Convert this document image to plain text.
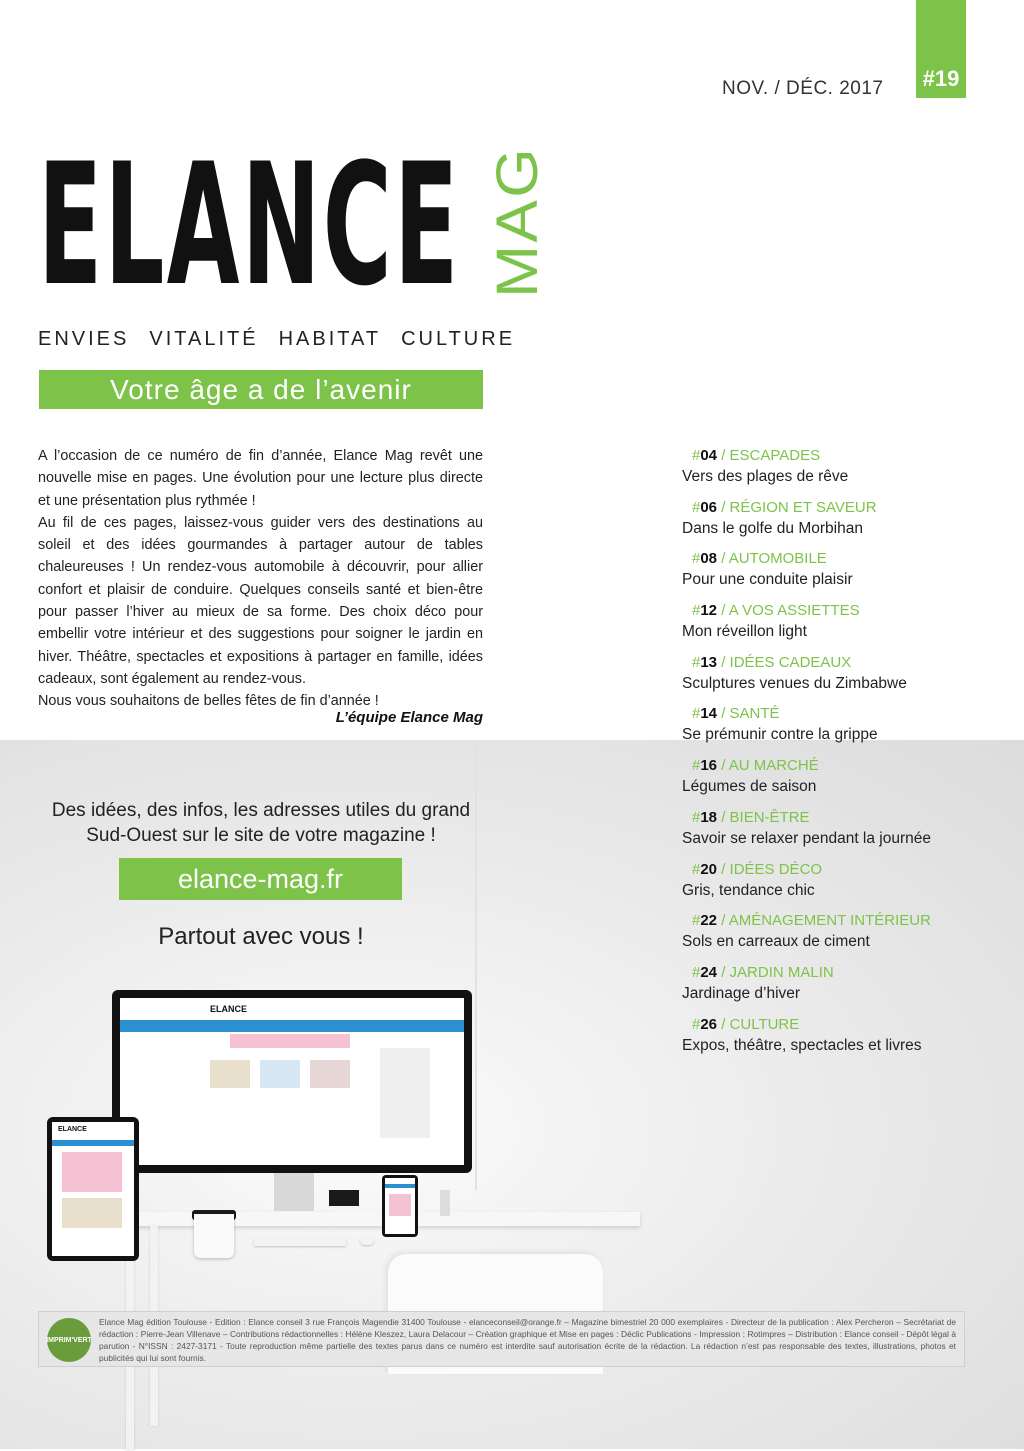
#19
NOV. / DÉC. 2017
ELANCE MAG
ENVIES VITALITÉ HABITAT CULTURE
Votre âge a de l’avenir

A l’occasion de ce numéro de fin d’année, Elance Mag revêt une nouvelle mise en pages. Une évolution pour une lecture plus directe et une présentation plus rythmée !

Au fil de ces pages, laissez-vous guider vers des destinations au soleil et des idées gourmandes à partager autour de tables chaleureuses ! Un rendez-vous automobile à découvrir, pour allier confort et plaisir de conduire. Quelques conseils santé et bien-être pour passer l’hiver au mieux de sa forme. Des choix déco pour embellir votre intérieur et des suggestions pour soigner le jardin en hiver. Théâtre, spectacles et expositions à partager en famille, idées cadeaux, sont également au rendez-vous.

Nous vous souhaitons de belles fêtes de fin d’année !

L’équipe Elance Mag
Des idées, des infos, les adresses utiles du grand Sud-Ouest sur le site de votre magazine !
elance-mag.fr
Partout avec vous !
ELANCE
ELANCE
#04 / ESCAPADES
Vers des plages de rêve
#06 / RÉGION ET SAVEUR
Dans le golfe du Morbihan
#08 / AUTOMOBILE
Pour une conduite plaisir
#12 / A VOS ASSIETTES
Mon réveillon light
#13 / IDÉES CADEAUX
Sculptures venues du Zimbabwe
#14 / SANTÉ
Se prémunir contre la grippe
#16 / AU MARCHÉ
Légumes de saison
#18 / BIEN-ÊTRE
Savoir se relaxer pendant la journée
#20 / IDÉES DÉCO
Gris, tendance chic
#22 / AMÉNAGEMENT INTÉRIEUR
Sols en carreaux de ciment
#24 / JARDIN MALIN
Jardinage d’hiver
#26 / CULTURE
Expos, théâtre, spectacles et livres
IMPRIM'VERT
Elance Mag édition Toulouse - Edition : Elance conseil 3 rue François Magendie 31400 Toulouse - elanceconseil@orange.fr – Magazine bimestriel 20 000 exemplaires - Directeur de la publication : Alex Percheron – Secrétariat de rédaction : Pierre-Jean Villenave – Contributions rédactionnelles : Hélène Kleszez, Laura Delacour – Création graphique et Mise en pages : Déclic Publications - Impression : Rotimpres – Distribution : Elance conseil - Dépôt légal à parution - N°ISSN : 2427-3171 - Toute reproduction même partielle des textes parus dans ce numéro est interdite sauf autorisation écrite de la rédaction. La rédaction n’est pas responsable des textes, illustrations, photos et publicités qui lui sont fournis.
